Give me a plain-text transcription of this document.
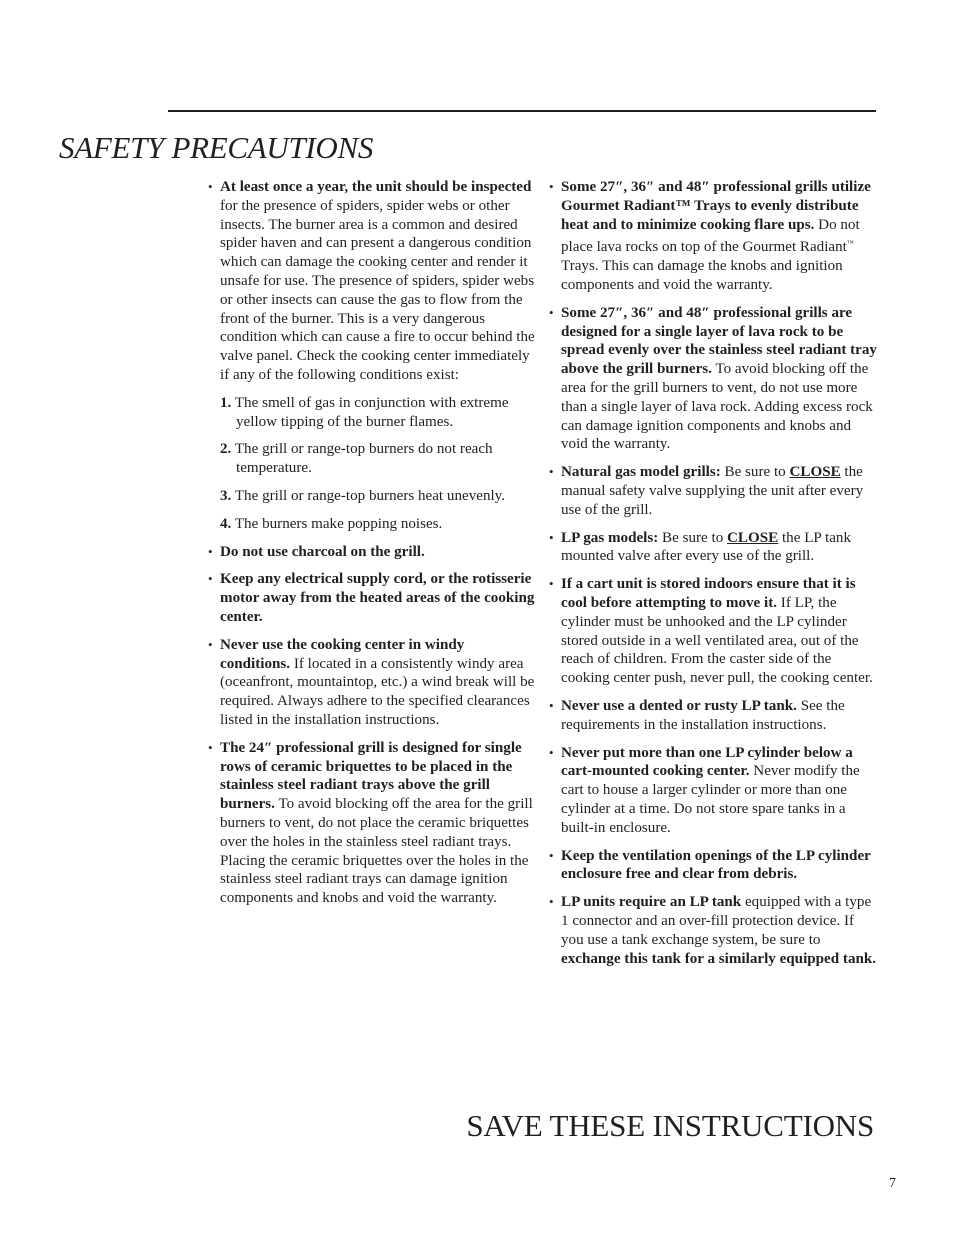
SAFETY PRECAUTIONS

• At least once a year, the unit should be inspected for the presence of spiders, spider webs or other insects. The burner area is a common and desired spider haven and can present a dangerous condition which can damage the cooking center and render it unsafe for use. The presence of spiders, spider webs or other insects can cause the gas to flow from the front of the burner. This is a very dangerous condition which can cause a fire to occur behind the valve panel. Check the cooking center immediately if any of the following conditions exist:

1. The smell of gas in conjunction with extreme yellow tipping of the burner flames.

2. The grill or range-top burners do not reach temperature.

3. The grill or range-top burners heat unevenly.

4. The burners make popping noises.

• Do not use charcoal on the grill.

• Keep any electrical supply cord, or the rotisserie motor away from the heated areas of the cooking center.

• Never use the cooking center in windy conditions. If located in a consistently windy area (oceanfront, mountaintop, etc.) a wind break will be required. Always adhere to the specified clearances listed in the installation instructions.

• The 24″ professional grill is designed for single rows of ceramic briquettes to be placed in the stainless steel radiant trays above the grill burners. To avoid blocking off the area for the grill burners to vent, do not place the ceramic briquettes over the holes in the stainless steel radiant trays. Placing the ceramic briquettes over the holes in the stainless steel radiant trays can damage ignition components and knobs and void the warranty.

• Some 27″, 36″ and 48″ professional grills utilize Gourmet Radiant™ Trays to evenly distribute heat and to minimize cooking flare ups. Do not place lava rocks on top of the Gourmet Radiant™ Trays. This can damage the knobs and ignition components and void the warranty.

• Some 27″, 36″ and 48″ professional grills are designed for a single layer of lava rock to be spread evenly over the stainless steel radiant tray above the grill burners. To avoid blocking off the area for the grill burners to vent, do not use more than a single layer of lava rock. Adding excess rock can damage ignition components and knobs and void the warranty.

• Natural gas model grills: Be sure to CLOSE the manual safety valve supplying the unit after every use of the grill.

• LP gas models: Be sure to CLOSE the LP tank mounted valve after every use of the grill.

• If a cart unit is stored indoors ensure that it is cool before attempting to move it. If LP, the cylinder must be unhooked and the LP cylinder stored outside in a well ventilated area, out of the reach of children. From the caster side of the cooking center push, never pull, the cooking center.

• Never use a dented or rusty LP tank. See the requirements in the installation instructions.

• Never put more than one LP cylinder below a cart-mounted cooking center. Never modify the cart to house a larger cylinder or more than one cylinder at a time. Do not store spare tanks in a built-in enclosure.

• Keep the ventilation openings of the LP cylinder enclosure free and clear from debris.

• LP units require an LP tank equipped with a type 1 connector and an over-fill protection device. If you use a tank exchange system, be sure to exchange this tank for a similarly equipped tank.

SAVE THESE INSTRUCTIONS
7
